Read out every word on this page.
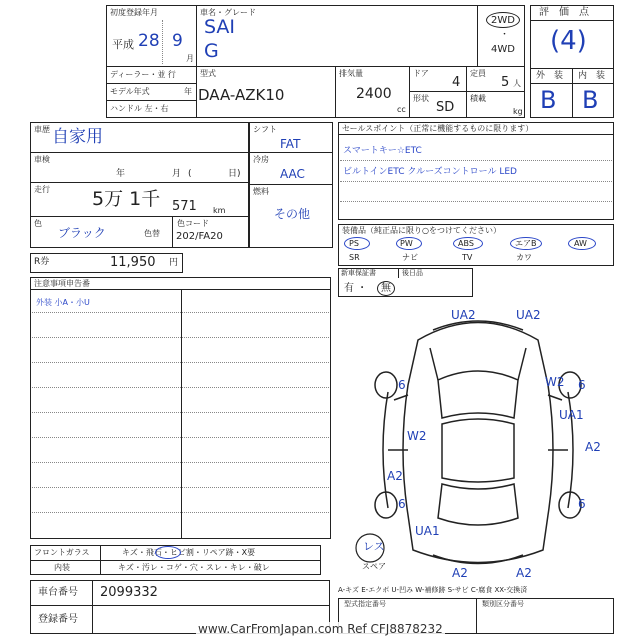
初度登録年月
平成 28 9
月
車名・グレード
SAI
G
2WD
・
4WD
ディーラー・並 行
モデル年式	年
ハンドル 左・右
型式
DAA-AZK10
排気量
2400
cc
ドア
4
定員
5 人
形状
SD
積載
kg
評　価　点
(4)
外　装 内　装
B B
車歴 自家用
車検
年	月 (	日)
走行 5万 1千 571 km
色
ブラック	色替
色コード
202/FA20
シフト
FAT
冷房
AAC
燃料
その他
セールスポイント（正常に機能するものに限ります）
スマートキー☆ETC
ビルトインETC クルーズコントロール LED
装備品（純正品に限り○をつけてください）
PS	PW	ABS	エアB	AW
SR	ナビ	TV	カワ
新車保証書	後日品
有 ・ 無
R券	11,950 円
注意事項申告番
外装 小A・小U
フロントガラス	キズ・飛石・ヒビ割・リペア跡・X要
内装	キズ・汚レ・コゲ・穴・スレ・キレ・破レ
車台番号 2099332
登録番号
UA2	UA2
6	6
W2
W2
UA1
A2
A2
6	6
UA1
A2	A2
レス
スペア
A-キズ E-エクボ U-凹み W-補修跡 S-サビ C-腐食 XX-交換済
型式指定番号	類別区分番号
www.CarFromJapan.com Ref CFJ8878232
